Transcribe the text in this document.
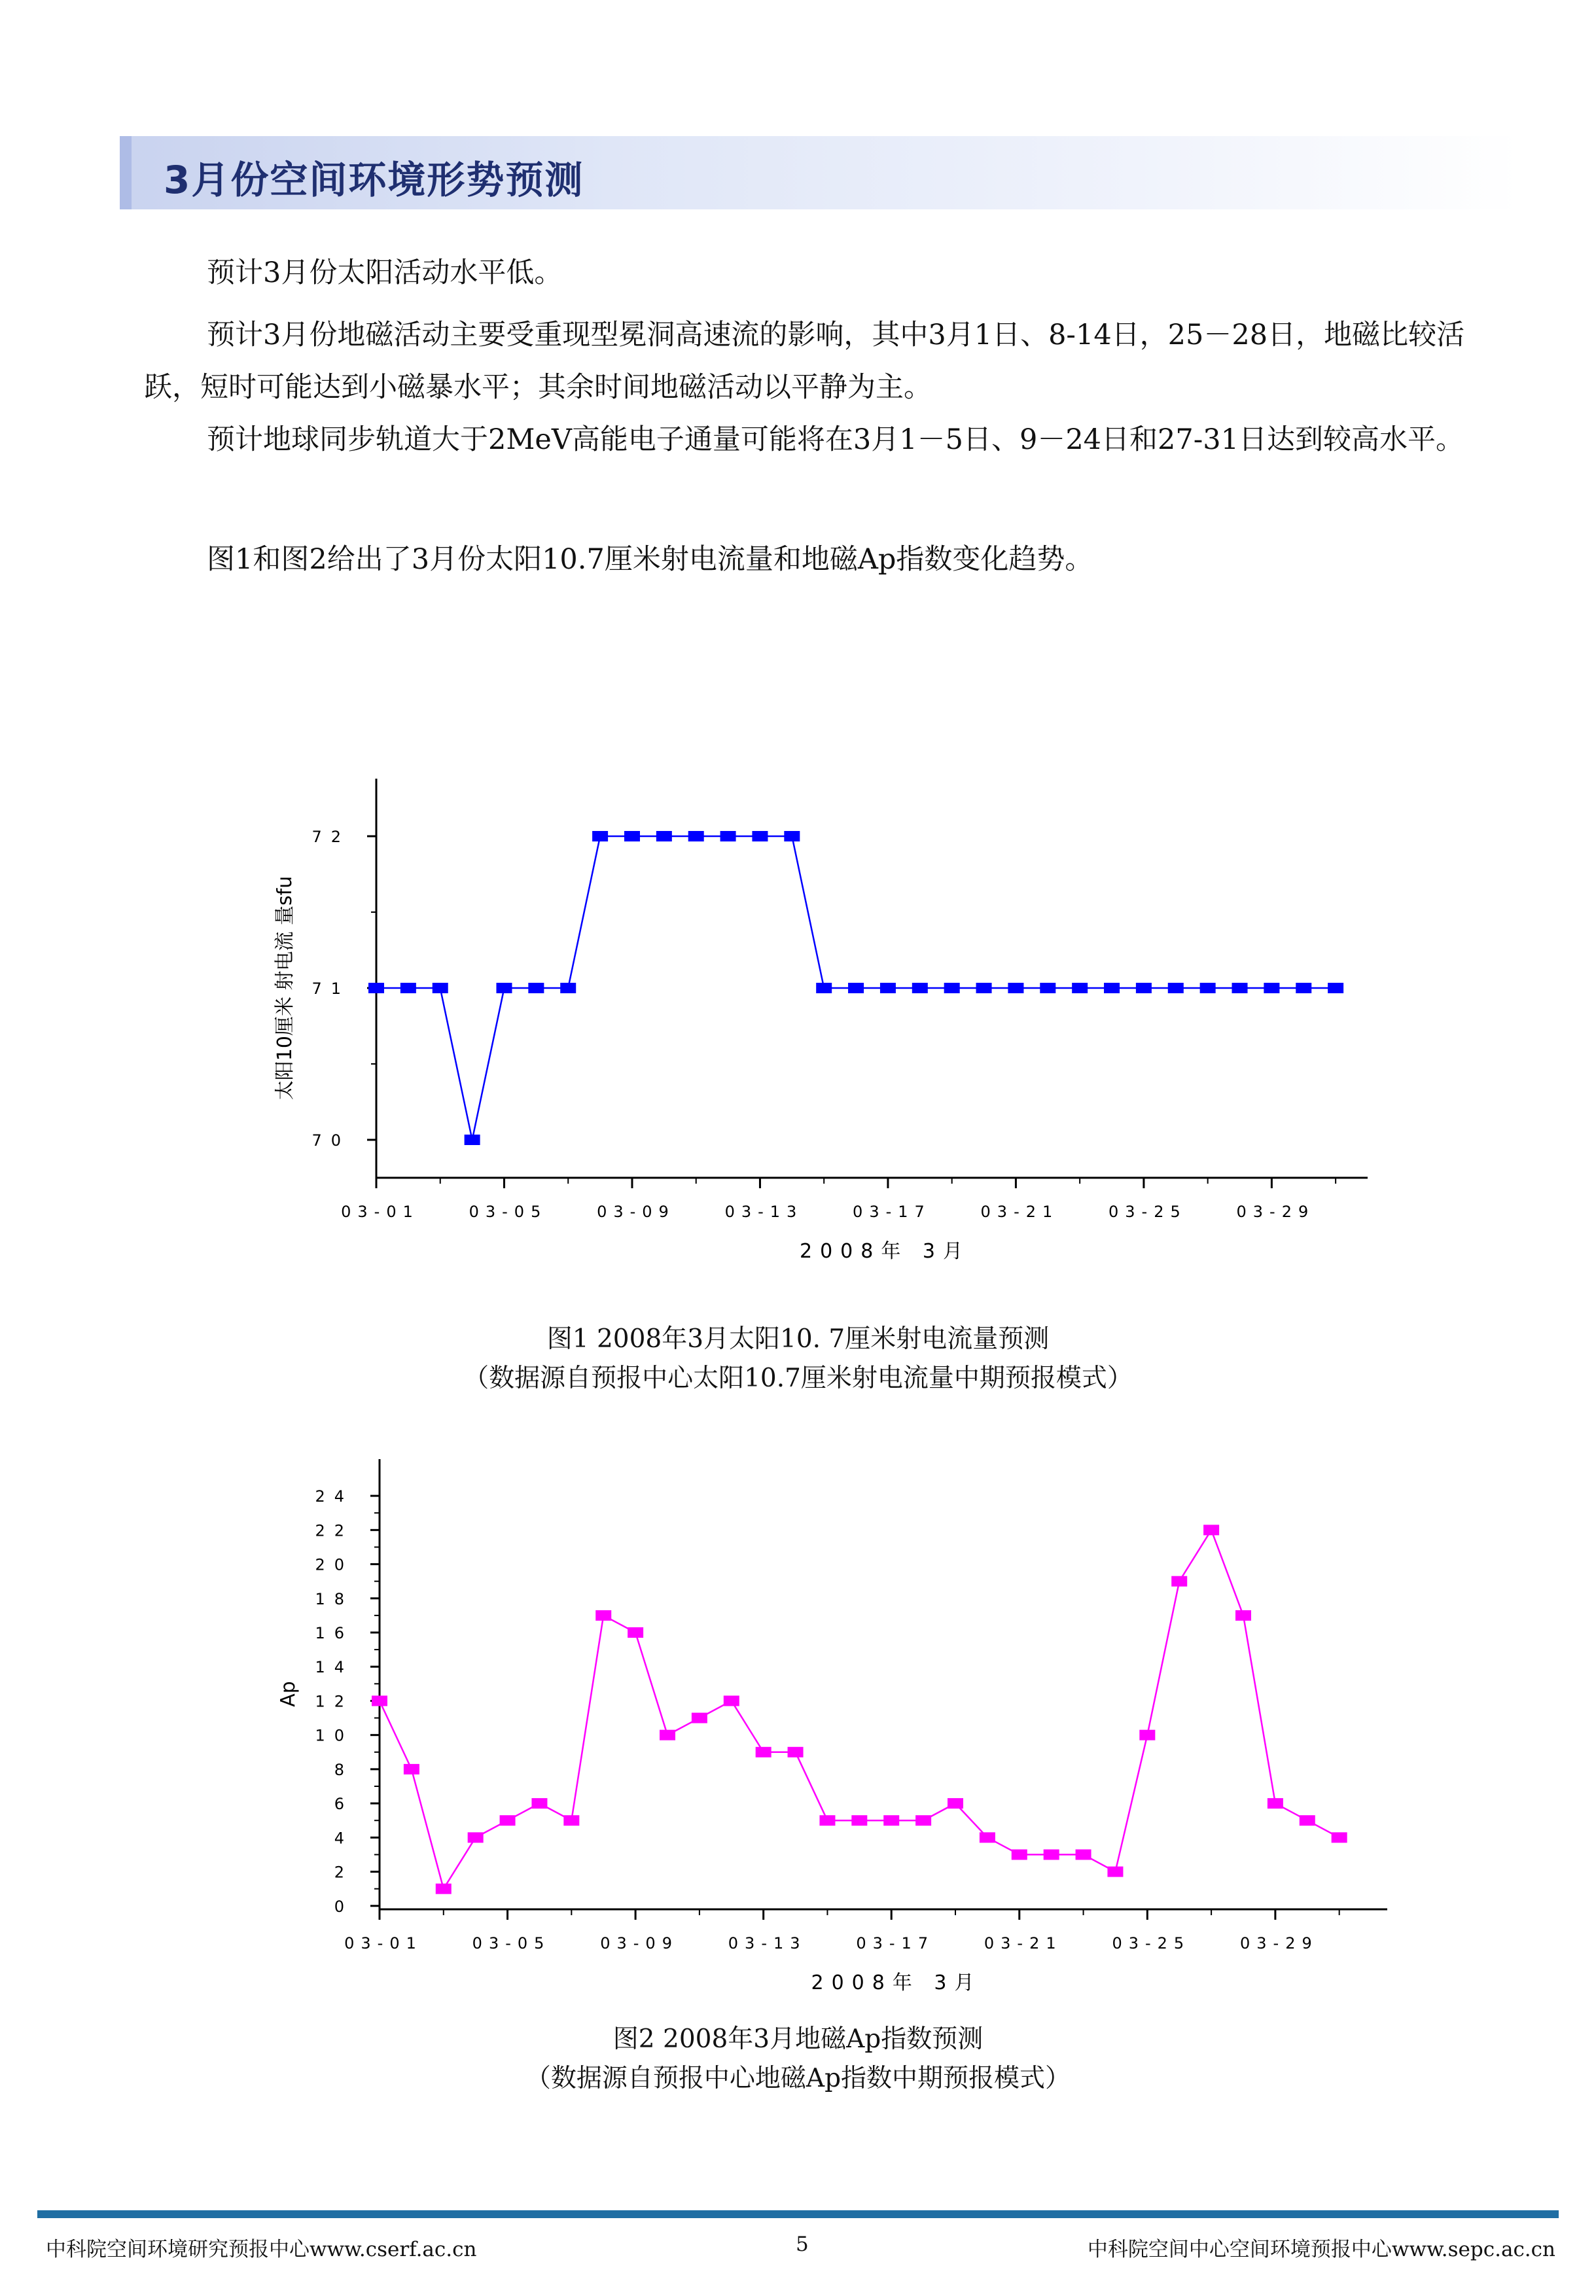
3月份空间环境形势预测
预计3月份太阳活动水平低。
预计3月份地磁活动主要受重现型冕洞高速流的影响，其中3月1日、8-14日，25－28日，地磁比较活跃，短时可能达到小磁暴水平；其余时间地磁活动以平静为主。
预计地球同步轨道大于2MeV高能电子通量可能将在3月1－5日、9－24日和27-31日达到较高水平。
图1和图2给出了3月份太阳10.7厘米射电流量和地磁Ap指数变化趋势。
70
71
72
03-01	03-05	03-09	03-13	03-17	03-21	03-25	03-29
2008年 3月
太阳10厘米 射电流 量sfu
图1 2008年3月太阳10. 7厘米射电流量预测
（数据源自预报中心太阳10.7厘米射电流量中期预报模式）
0
2
4
6
8
10
12
14
16
18
20
22
24
03-01	03-05	03-09	03-13	03-17	03-21	03-25	03-29
2008年 3月
Ap
图2 2008年3月地磁Ap指数预测
（数据源自预报中心地磁Ap指数中期预报模式）
中科院空间环境研究预报中心www.cserf.ac.cn	5	中科院空间中心空间环境预报中心www.sepc.ac.cn
